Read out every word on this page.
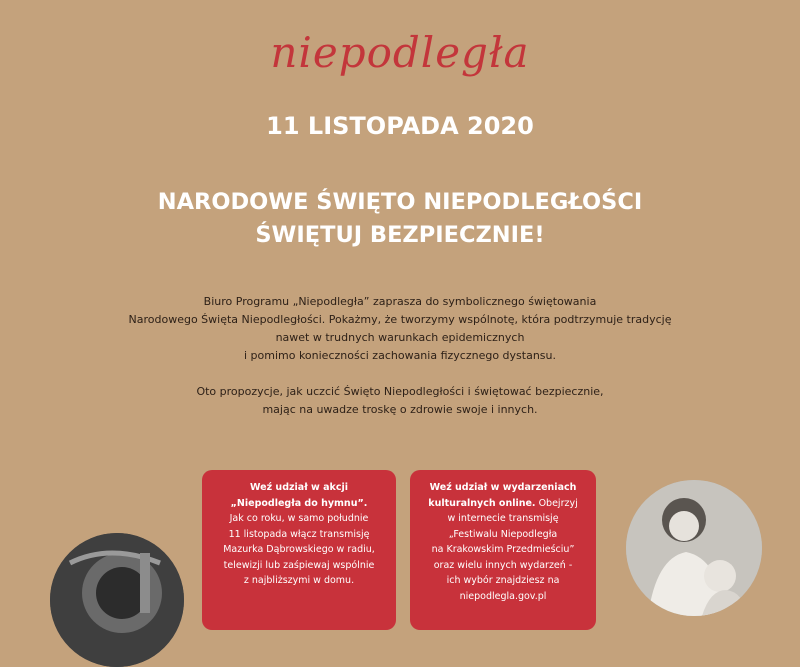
niepodległa
11 LISTOPADA 2020
NARODOWE ŚWIĘTO NIEPODLEGŁOŚCI
ŚWIĘTUJ BEZPIECZNIE!
Biuro Programu „Niepodległa” zaprasza do symbolicznego świętowania
Narodowego Święta Niepodległości. Pokażmy, że tworzymy wspólnotę, która podtrzymuje tradycję
nawet w trudnych warunkach epidemicznych
i pomimo konieczności zachowania fizycznego dystansu.
Oto propozycje, jak uczcić Święto Niepodległości i świętować bezpiecznie,
mając na uwadze troskę o zdrowie swoje i innych.
Weź udział w akcji
„Niepodległa do hymnu”.
Jak co roku, w samo południe
11 listopada włącz transmisję
Mazurka Dąbrowskiego w radiu,
telewizji lub zaśpiewaj wspólnie
z najbliższymi w domu.
Weź udział w wydarzeniach
kulturalnych online. Obejrzyj
w internecie transmisję
„Festiwalu Niepodległa
na Krakowskim Przedmieściu”
oraz wielu innych wydarzeń -
ich wybór znajdziesz na
niepodlegla.gov.pl
